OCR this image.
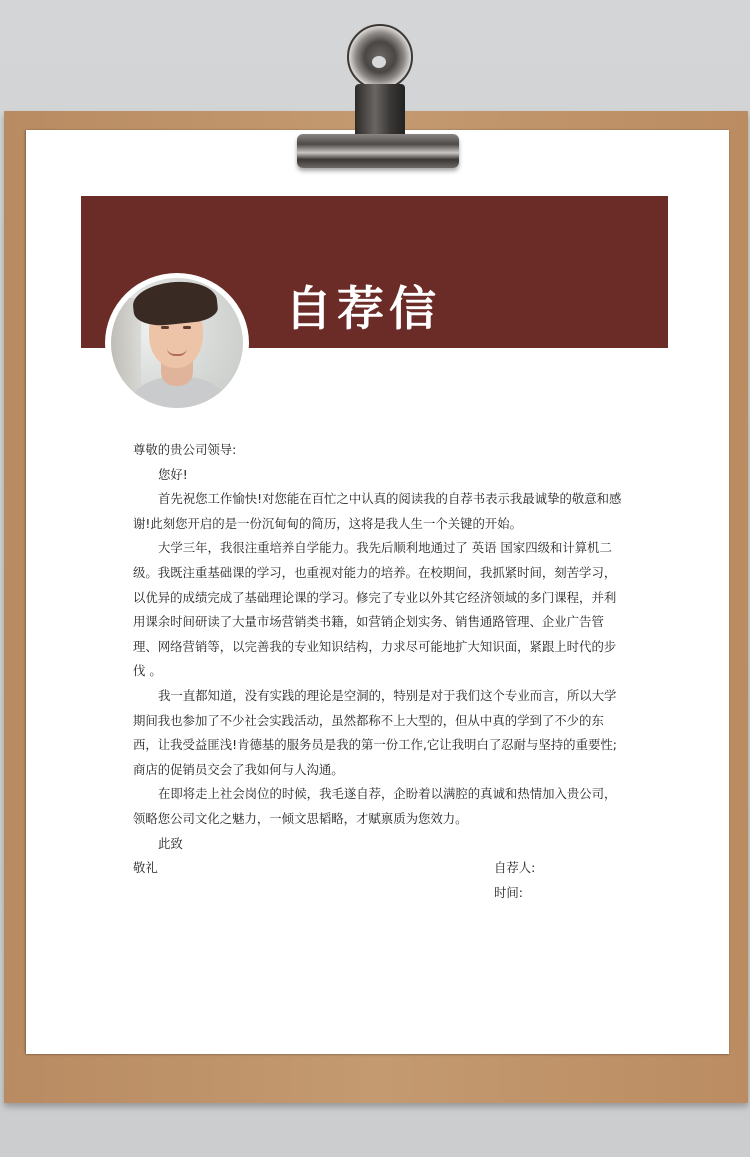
自荐信

尊敬的贵公司领导:

您好!

首先祝您工作愉快!对您能在百忙之中认真的阅读我的自荐书表示我最诚挚的敬意和感谢!此刻您开启的是一份沉甸甸的简历，这将是我人生一个关键的开始。

大学三年，我很注重培养自学能力。我先后顺利地通过了 英语 国家四级和计算机二级。我既注重基础课的学习，也重视对能力的培养。在校期间，我抓紧时间，刻苦学习，以优异的成绩完成了基础理论课的学习。修完了专业以外其它经济领域的多门课程，并利用课余时间研读了大量市场营销类书籍，如营销企划实务、销售通路管理、企业广告管理、网络营销等，以完善我的专业知识结构，力求尽可能地扩大知识面，紧跟上时代的步伐 。

我一直都知道，没有实践的理论是空洞的，特别是对于我们这个专业而言，所以大学期间我也参加了不少社会实践活动，虽然都称不上大型的，但从中真的学到了不少的东西，让我受益匪浅!肯德基的服务员是我的第一份工作,它让我明白了忍耐与坚持的重要性;商店的促销员交会了我如何与人沟通。

在即将走上社会岗位的时候，我毛遂自荐，企盼着以满腔的真诚和热情加入贵公司，领略您公司文化之魅力，一倾文思韬略，才赋禀质为您效力。

此致

敬礼	自荐人:

时间:
